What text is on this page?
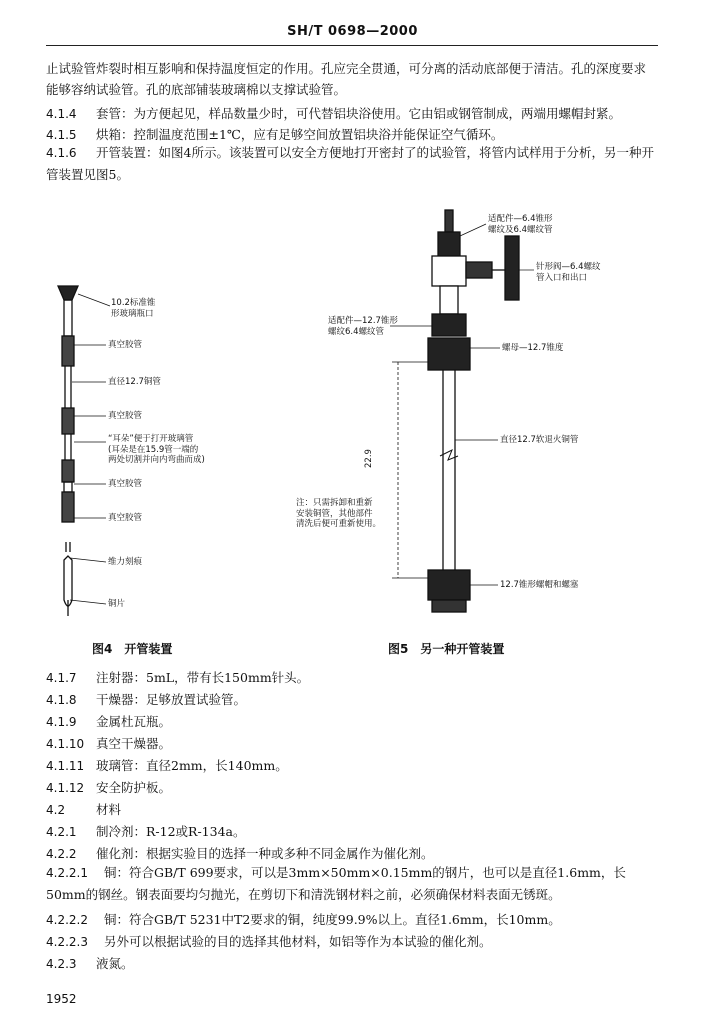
SH/T 0698—2000
止试验管炸裂时相互影响和保持温度恒定的作用。孔应完全贯通，可分离的活动底部便于清洁。孔的深度要求能够容纳试验管。孔的底部铺装玻璃棉以支撑试验管。
4.1.4 套管：为方便起见，样品数量少时，可代替铝块浴使用。它由铝或钢管制成，两端用螺帽封紧。
4.1.5 烘箱：控制温度范围±1℃，应有足够空间放置铝块浴并能保证空气循环。
4.1.6 开管装置：如图4所示。该装置可以安全方便地打开密封了的试验管，将管内试样用于分析，另一种开管装置见图5。
10.2标准锥
形玻璃瓶口
真空胶管
直径12.7铜管
真空胶管
“耳朵”便于打开玻璃管
(耳朵是在15.9管一端的
两处切割并向内弯曲而成)
真空胶管
真空胶管
维力刻痕
铜片
适配件—6.4锥形
螺纹及6.4螺纹管
针形阀—6.4螺纹
管入口和出口
适配件—12.7锥形
螺纹6.4螺纹管
螺母—12.7锥度
直径12.7软退火铜管
注：只需拆卸和重新
安装铜管，其他部件
清洗后便可重新使用。
12.7锥形螺帽和螺塞
22.9
图4　开管装置	图5　另一种开管装置
4.1.7 注射器：5mL，带有长150mm针头。
4.1.8 干燥器：足够放置试验管。
4.1.9 金属杜瓦瓶。
4.1.10 真空干燥器。
4.1.11 玻璃管：直径2mm，长140mm。
4.1.12 安全防护板。
4.2 材料
4.2.1 制冷剂：R-12或R-134a。
4.2.2 催化剂：根据实验目的选择一种或多种不同金属作为催化剂。
4.2.2.1 铜：符合GB/T 699要求，可以是3mm×50mm×0.15mm的钢片，也可以是直径1.6mm，长50mm的钢丝。钢表面要均匀抛光，在剪切下和清洗钢材料之前，必须确保材料表面无锈斑。
4.2.2.2 铜：符合GB/T 5231中T2要求的铜，纯度99.9%以上。直径1.6mm，长10mm。
4.2.2.3 另外可以根据试验的目的选择其他材料，如铝等作为本试验的催化剂。
4.2.3 液氮。
1952
